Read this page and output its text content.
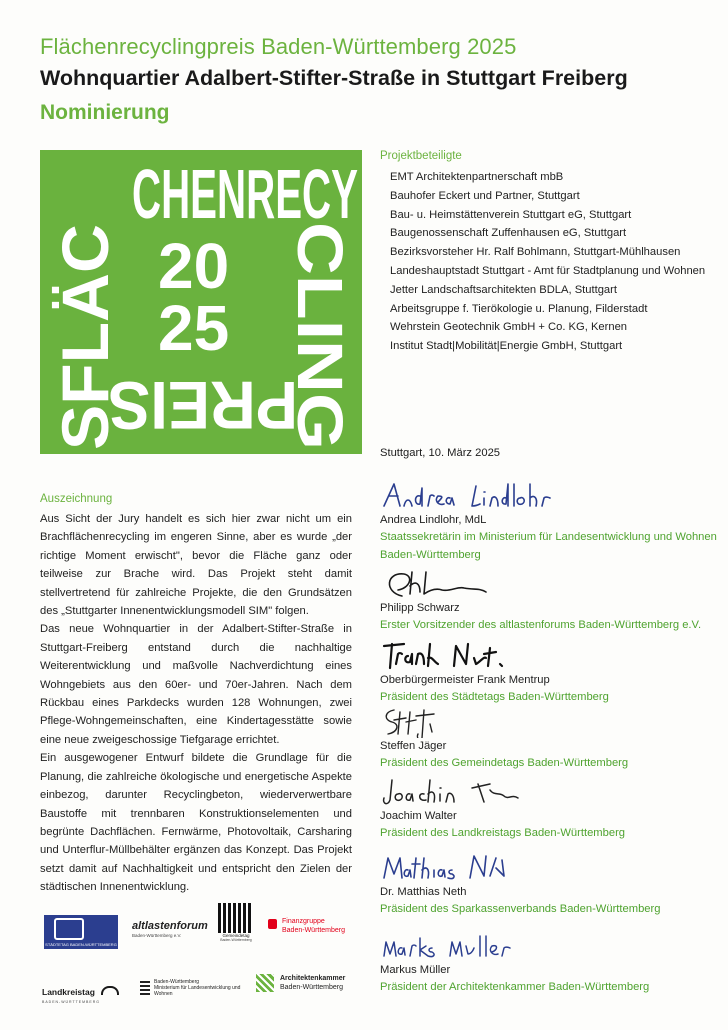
Flächenrecyclingpreis Baden-Württemberg 2025
Wohnquartier Adalbert-Stifter-Straße in Stuttgart Freiberg
Nominierung
CHENRECY
SFLÄC	CLING
PREIS
20
25
Projektbeteiligte
EMT Architektenpartnerschaft mbB
Bauhofer Eckert und Partner, Stuttgart
Bau- u. Heimstättenverein Stuttgart eG, Stuttgart
Baugenossenschaft Zuffenhausen eG, Stuttgart
Bezirksvorsteher Hr. Ralf Bohlmann, Stuttgart-Mühlhausen
Landeshauptstadt Stuttgart - Amt für Stadtplanung und Wohnen
Jetter Landschaftsarchitekten BDLA, Stuttgart
Arbeitsgruppe f. Tierökologie u. Planung, Filderstadt
Wehrstein Geotechnik GmbH + Co. KG, Kernen
Institut Stadt|Mobilität|Energie GmbH, Stuttgart
Stuttgart, 10. März 2025
Auszeichnung

Aus Sicht der Jury handelt es sich hier zwar nicht um ein Brachflächenrecycling im engeren Sinne, aber es wurde „der richtige Moment erwischt", bevor die Fläche ganz oder teilweise zur Brache wird. Das Projekt steht damit stellvertretend für zahlreiche Projekte, die den Grundsätzen des „Stuttgarter Innenentwicklungsmodell SIM" folgen.

Das neue Wohnquartier in der Adalbert-Stifter-Straße in Stuttgart-Freiberg entstand durch die nachhaltige Weiterentwicklung und maßvolle Nachverdichtung eines Wohngebiets aus den 60er- und 70er-Jahren. Nach dem Rückbau eines Parkdecks wurden 128 Wohnungen, zwei Pflege-Wohngemeinschaften, eine Kindertagesstätte sowie eine neue zweigeschossige Tiefgarage errichtet.

Ein ausgewogener Entwurf bildete die Grundlage für die Planung, die zahlreiche ökologische und energetische Aspekte einbezog, darunter Recyclingbeton, wiederverwertbare Baustoffe mit trennbaren Konstruktionselementen und begrünte Dachflächen. Fernwärme, Photovoltaik, Carsharing und Unterflur-Müllbehälter ergänzen das Konzept. Das Projekt setzt damit auf Nachhaltigkeit und entspricht den Zielen der städtischen Innenentwicklung.

Andrea Lindlohr, MdL
Staatssekretärin im Ministerium für Landesentwicklung und Wohnen Baden-Württemberg
Philipp Schwarz
Erster Vorsitzender des altlastenforums Baden-Württemberg e.V.
Oberbürgermeister Frank Mentrup
Präsident des Städtetags Baden-Württemberg
Steffen Jäger
Präsident des Gemeindetags Baden-Württemberg
Joachim Walter
Präsident des Landkreistags Baden-Württemberg
Dr. Matthias Neth
Präsident des Sparkassenverbands Baden-Württemberg
Markus Müller
Präsident der Architektenkammer Baden-Württemberg
STÄDTETAG BADEN-WÜRTTEMBERG
altlastenforum
Baden-Württemberg e.V.	Gemeindetag
Baden-Württemberg
Finanzgruppe
Baden-Württemberg
Landkreistag
BADEN-WÜRTTEMBERG
Baden-Württemberg
Ministerium für Landesentwicklung und Wohnen
Architektenkammer
Baden-Württemberg
